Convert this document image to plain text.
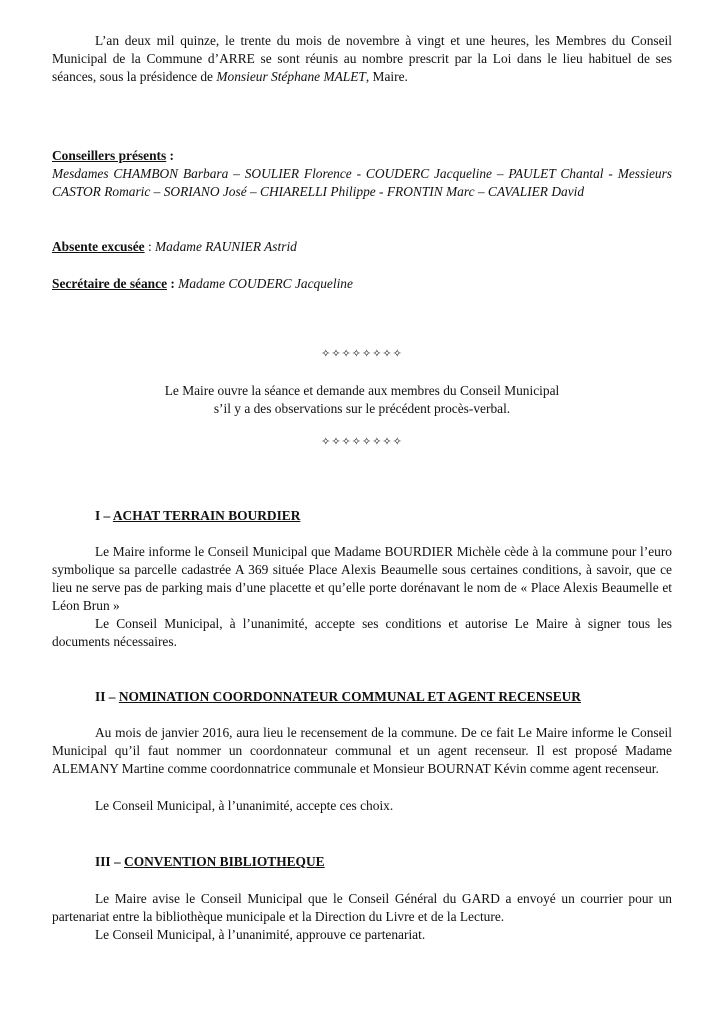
L’an deux mil quinze, le trente du mois de novembre à vingt et une heures, les Membres du Conseil Municipal de la Commune d’ARRE se sont réunis au nombre prescrit par la Loi dans le lieu habituel de ses séances, sous la présidence de Monsieur Stéphane MALET, Maire.

Conseillers présents :

Mesdames CHAMBON Barbara – SOULIER Florence - COUDERC Jacqueline – PAULET Chantal - Messieurs CASTOR Romaric – SORIANO José – CHIARELLI Philippe - FRONTIN Marc – CAVALIER David

Absente excusée : Madame RAUNIER Astrid

Secrétaire de séance : Madame COUDERC Jacqueline

✧✧✧✧✧✧✧✧
Le Maire ouvre la séance et demande aux membres du Conseil Municipal
s’il y a des observations sur le précédent procès-verbal.
✧✧✧✧✧✧✧✧

I – ACHAT TERRAIN BOURDIER

Le Maire informe le Conseil Municipal que Madame BOURDIER Michèle cède à la commune pour l’euro symbolique sa parcelle cadastrée A 369 située Place Alexis Beaumelle sous certaines conditions, à savoir, que ce lieu ne serve pas de parking mais d’une placette et qu’elle porte dorénavant le nom de « Place Alexis Beaumelle et Léon Brun »

Le Conseil Municipal, à l’unanimité, accepte ses conditions et autorise Le Maire à signer tous les documents nécessaires.

II – NOMINATION COORDONNATEUR COMMUNAL ET AGENT RECENSEUR

Au mois de janvier 2016, aura lieu le recensement de la commune. De ce fait Le Maire informe le Conseil Municipal qu’il faut nommer un coordonnateur communal et un agent recenseur. Il est proposé Madame ALEMANY Martine comme coordonnatrice communale et Monsieur BOURNAT Kévin comme agent recenseur.

Le Conseil Municipal, à l’unanimité, accepte ces choix.

III – CONVENTION BIBLIOTHEQUE

Le Maire avise le Conseil Municipal que le Conseil Général du GARD a envoyé un courrier pour un partenariat entre la bibliothèque municipale et la Direction du Livre et de la Lecture.

Le Conseil Municipal, à l’unanimité, approuve ce partenariat.
